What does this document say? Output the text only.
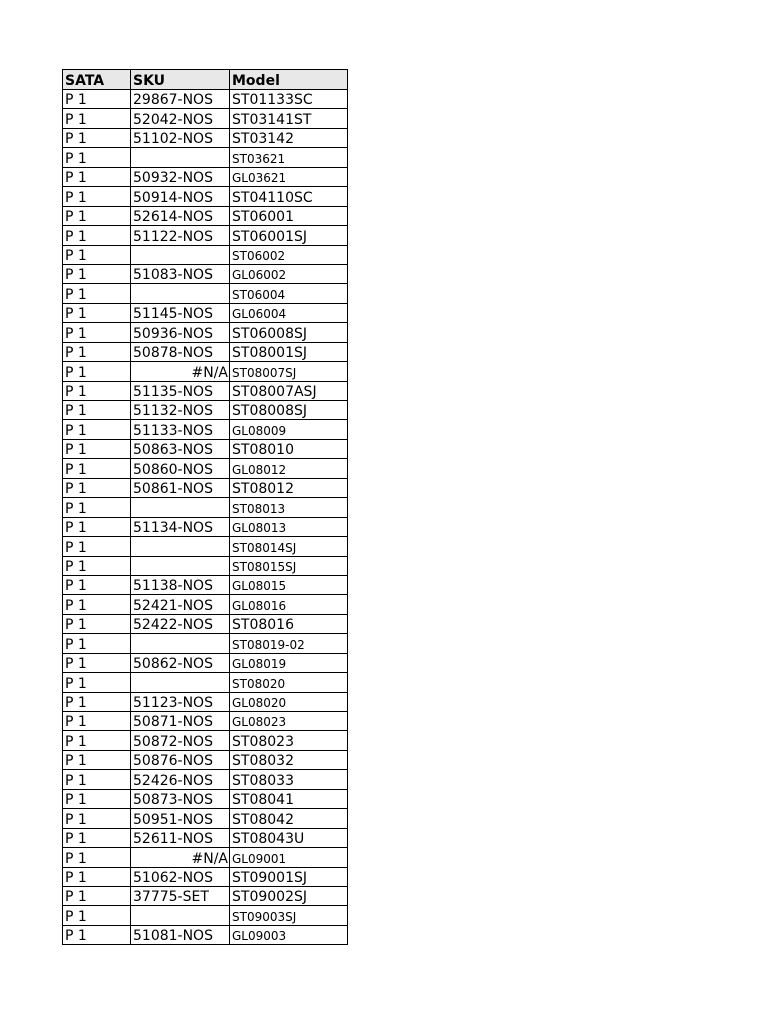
SATA	SKU	Model
P 1	29867-NOS	ST01133SC
P 1	52042-NOS	ST03141ST
P 1	51102-NOS	ST03142
P 1		ST03621
P 1	50932-NOS	GL03621
P 1	50914-NOS	ST04110SC
P 1	52614-NOS	ST06001
P 1	51122-NOS	ST06001SJ
P 1		ST06002
P 1	51083-NOS	GL06002
P 1		ST06004
P 1	51145-NOS	GL06004
P 1	50936-NOS	ST06008SJ
P 1	50878-NOS	ST08001SJ
P 1	#N/A	ST08007SJ
P 1	51135-NOS	ST08007ASJ
P 1	51132-NOS	ST08008SJ
P 1	51133-NOS	GL08009
P 1	50863-NOS	ST08010
P 1	50860-NOS	GL08012
P 1	50861-NOS	ST08012
P 1		ST08013
P 1	51134-NOS	GL08013
P 1		ST08014SJ
P 1		ST08015SJ
P 1	51138-NOS	GL08015
P 1	52421-NOS	GL08016
P 1	52422-NOS	ST08016
P 1		ST08019-02
P 1	50862-NOS	GL08019
P 1		ST08020
P 1	51123-NOS	GL08020
P 1	50871-NOS	GL08023
P 1	50872-NOS	ST08023
P 1	50876-NOS	ST08032
P 1	52426-NOS	ST08033
P 1	50873-NOS	ST08041
P 1	50951-NOS	ST08042
P 1	52611-NOS	ST08043U
P 1	#N/A	GL09001
P 1	51062-NOS	ST09001SJ
P 1	37775-SET	ST09002SJ
P 1		ST09003SJ
P 1	51081-NOS	GL09003
